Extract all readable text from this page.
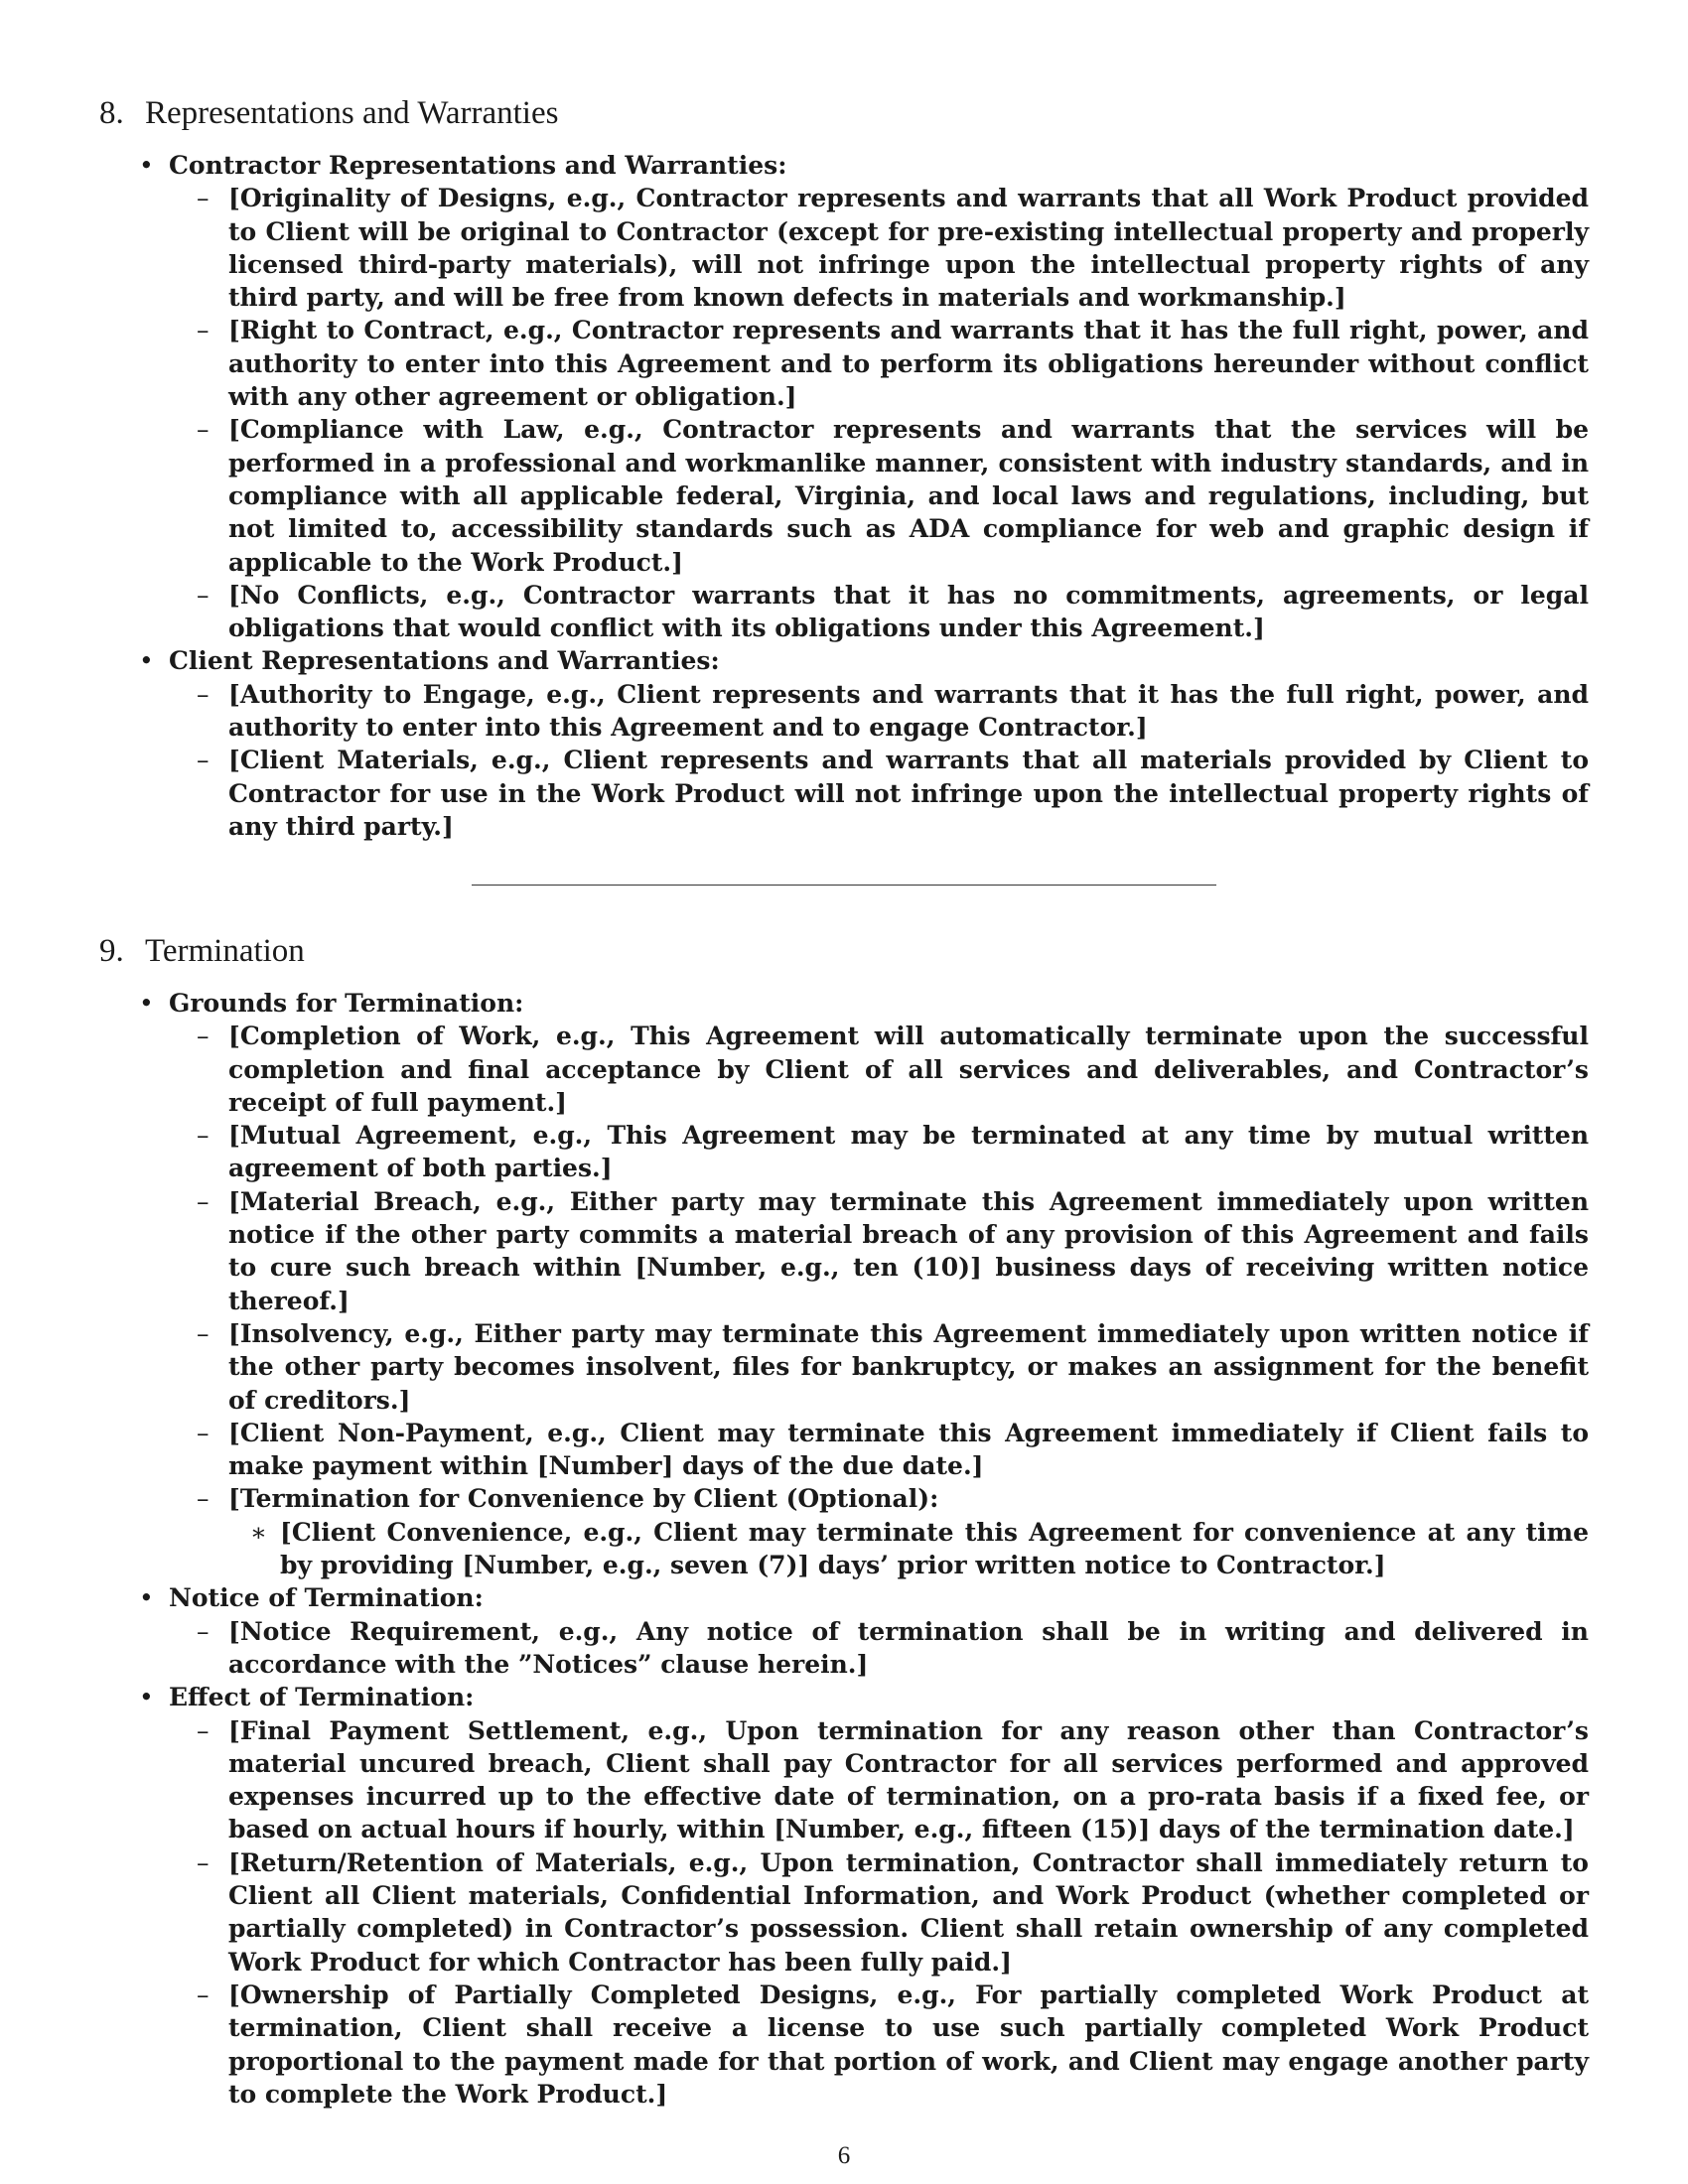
8. Representations and Warranties
• Contractor Representations and Warranties:
– [Originality of Designs, e.g., Contractor represents and warrants that all Work Product provided to Client will be original to Contractor (except for pre-existing intellectual property and properly licensed third-party materials), will not infringe upon the intellectual property rights of any third party, and will be free from known defects in materials and workmanship.]
– [Right to Contract, e.g., Contractor represents and warrants that it has the full right, power, and authority to enter into this Agreement and to perform its obligations hereunder without conflict with any other agreement or obligation.]
– [Compliance with Law, e.g., Contractor represents and warrants that the services will be performed in a professional and workmanlike manner, consistent with industry standards, and in compliance with all applicable federal, Virginia, and local laws and regulations, including, but not limited to, accessibility standards such as ADA compliance for web and graphic design if applicable to the Work Product.]
– [No Conflicts, e.g., Contractor warrants that it has no commitments, agreements, or legal obligations that would conflict with its obligations under this Agreement.]
• Client Representations and Warranties:
– [Authority to Engage, e.g., Client represents and warrants that it has the full right, power, and authority to enter into this Agreement and to engage Contractor.]
– [Client Materials, e.g., Client represents and warrants that all materials provided by Client to Contractor for use in the Work Product will not infringe upon the intellectual property rights of any third party.]
9. Termination
• Grounds for Termination:
– [Completion of Work, e.g., This Agreement will automatically terminate upon the successful completion and final acceptance by Client of all services and deliverables, and Contractor’s receipt of full payment.]
– [Mutual Agreement, e.g., This Agreement may be terminated at any time by mutual written agreement of both parties.]
– [Material Breach, e.g., Either party may terminate this Agreement immediately upon written notice if the other party commits a material breach of any provision of this Agreement and fails to cure such breach within [Number, e.g., ten (10)] business days of receiving written notice thereof.]
– [Insolvency, e.g., Either party may terminate this Agreement immediately upon written notice if the other party becomes insolvent, files for bankruptcy, or makes an assignment for the benefit of creditors.]
– [Client Non-Payment, e.g., Client may terminate this Agreement immediately if Client fails to make payment within [Number] days of the due date.]
– [Termination for Convenience by Client (Optional):
∗ [Client Convenience, e.g., Client may terminate this Agreement for convenience at any time by providing [Number, e.g., seven (7)] days’ prior written notice to Contractor.]
• Notice of Termination:
– [Notice Requirement, e.g., Any notice of termination shall be in writing and delivered in accordance with the ”Notices” clause herein.]
• Effect of Termination:
– [Final Payment Settlement, e.g., Upon termination for any reason other than Contractor’s material uncured breach, Client shall pay Contractor for all services performed and approved expenses incurred up to the effective date of termination, on a pro-rata basis if a fixed fee, or based on actual hours if hourly, within [Number, e.g., fifteen (15)] days of the termination date.]
– [Return/Retention of Materials, e.g., Upon termination, Contractor shall immediately return to Client all Client materials, Confidential Information, and Work Product (whether completed or partially completed) in Contractor’s possession. Client shall retain ownership of any completed Work Product for which Contractor has been fully paid.]
– [Ownership of Partially Completed Designs, e.g., For partially completed Work Product at termination, Client shall receive a license to use such partially completed Work Product proportional to the payment made for that portion of work, and Client may engage another party to complete the Work Product.]
6
